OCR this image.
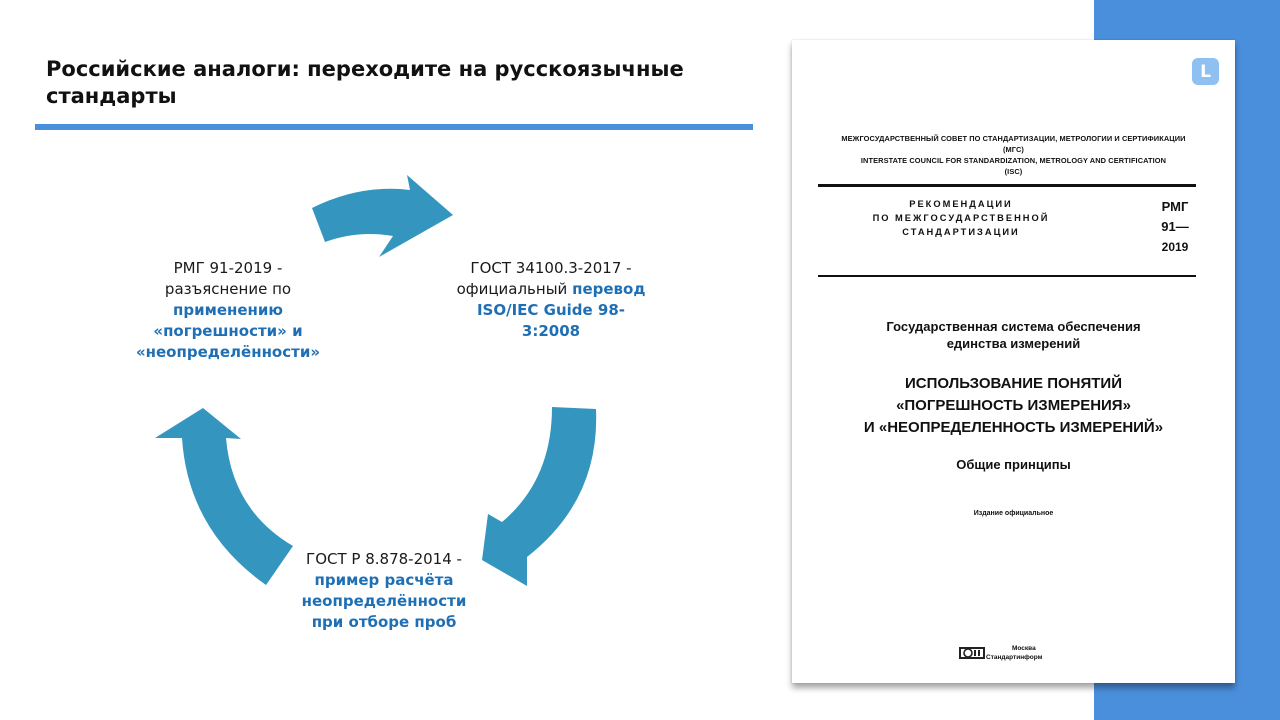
Российские аналоги: переходите на русскоязычные
стандарты
РМГ 91-2019 -
разъяснение по
применению
«погрешности» и
«неопределённости»
ГОСТ 34100.3-2017 -
официальный перевод
ISO/IEC Guide 98-
3:2008
ГОСТ Р 8.878-2014 -
пример расчёта
неопределённости
при отборе проб
L
МЕЖГОСУДАРСТВЕННЫЙ СОВЕТ ПО СТАНДАРТИЗАЦИИ, МЕТРОЛОГИИ И СЕРТИФИКАЦИИ
(МГС)
INTERSTATE COUNCIL FOR STANDARDIZATION, METROLOGY AND CERTIFICATION
(ISC)
РЕКОМЕНДАЦИИ
ПО МЕЖГОСУДАРСТВЕННОЙ
СТАНДАРТИЗАЦИИ
РМГ
91—
2019
Государственная система обеспечения
единства измерений
ИСПОЛЬЗОВАНИЕ ПОНЯТИЙ
«ПОГРЕШНОСТЬ ИЗМЕРЕНИЯ»
И «НЕОПРЕДЕЛЕННОСТЬ ИЗМЕРЕНИЙ»
Общие принципы
Издание официальное
Москва
Стандартинформ
